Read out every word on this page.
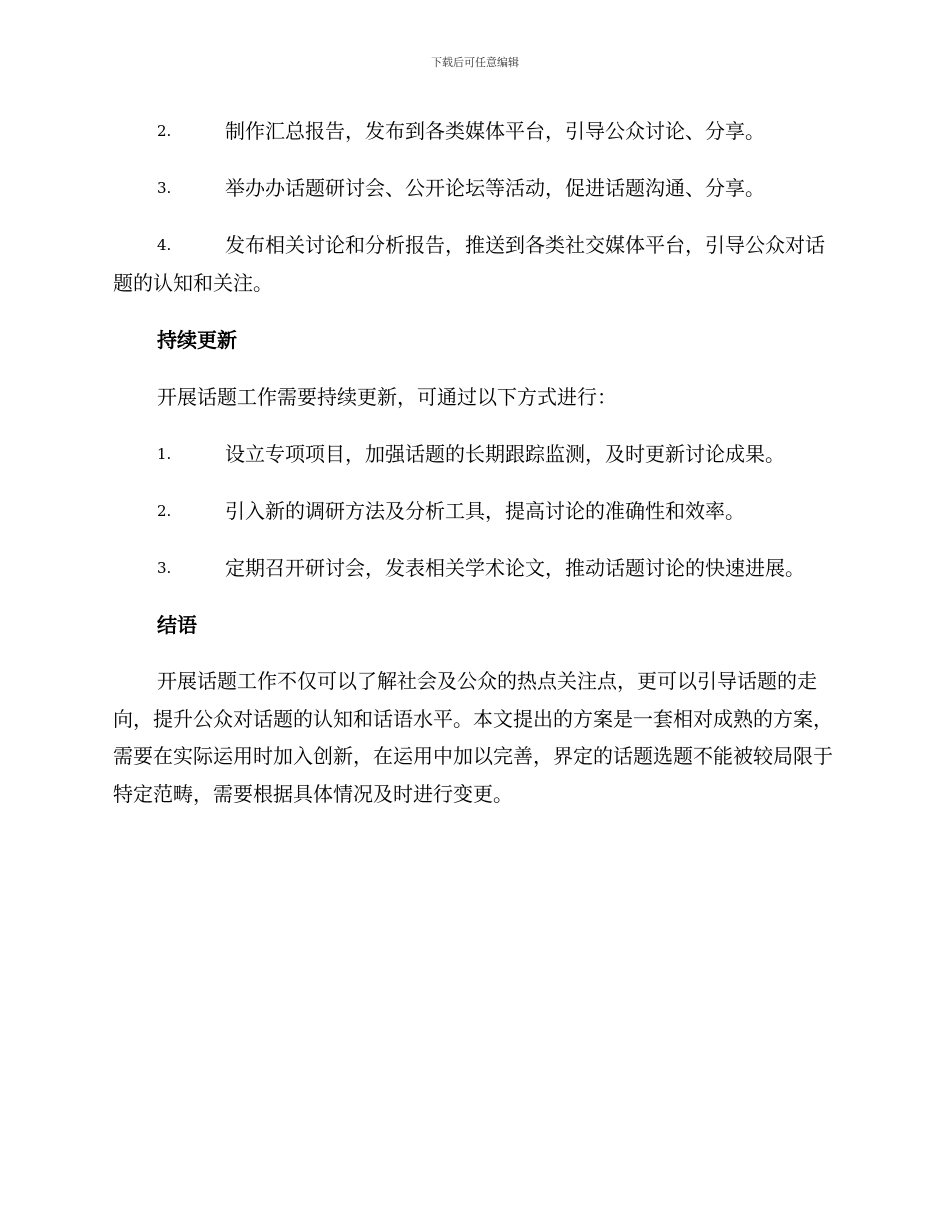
下载后可任意编辑
2.	制作汇总报告，发布到各类媒体平台，引导公众讨论、分享。
3.	举办办话题研讨会、公开论坛等活动，促进话题沟通、分享。
4.	发布相关讨论和分析报告，推送到各类社交媒体平台，引导公众对话题的认知和关注。
持续更新
开展话题工作需要持续更新，可通过以下方式进行：
1.	设立专项项目，加强话题的长期跟踪监测，及时更新讨论成果。
2.	引入新的调研方法及分析工具，提高讨论的准确性和效率。
3.	定期召开研讨会，发表相关学术论文，推动话题讨论的快速进展。
结语
开展话题工作不仅可以了解社会及公众的热点关注点，更可以引导话题的走向，提升公众对话题的认知和话语水平。本文提出的方案是一套相对成熟的方案，需要在实际运用时加入创新，在运用中加以完善，界定的话题选题不能被较局限于特定范畴，需要根据具体情况及时进行变更。
